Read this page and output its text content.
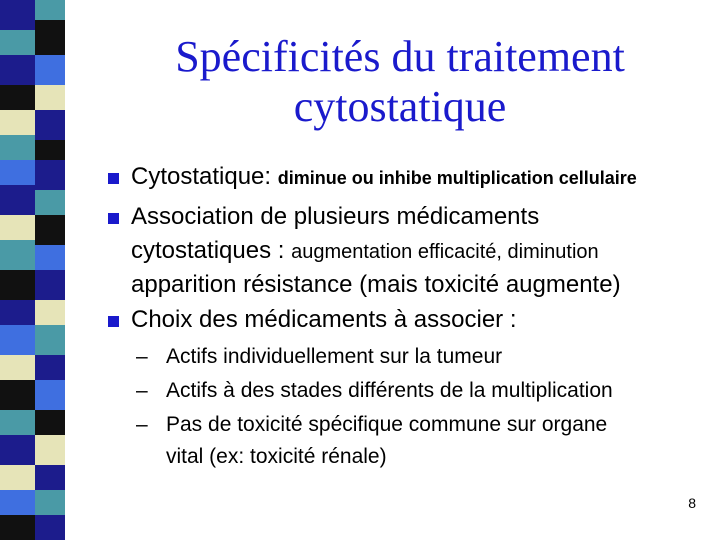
Spécificités du traitement
cytostatique
Cytostatique: diminue ou inhibe multiplication cellulaire
Association de plusieurs médicaments
cytostatiques : augmentation efficacité, diminution
apparition résistance (mais toxicité augmente)
Choix des médicaments à associer :
– Actifs individuellement sur la tumeur
– Actifs à des stades différents de la multiplication
– Pas de toxicité spécifique commune sur organe
vital (ex: toxicité rénale)
8
